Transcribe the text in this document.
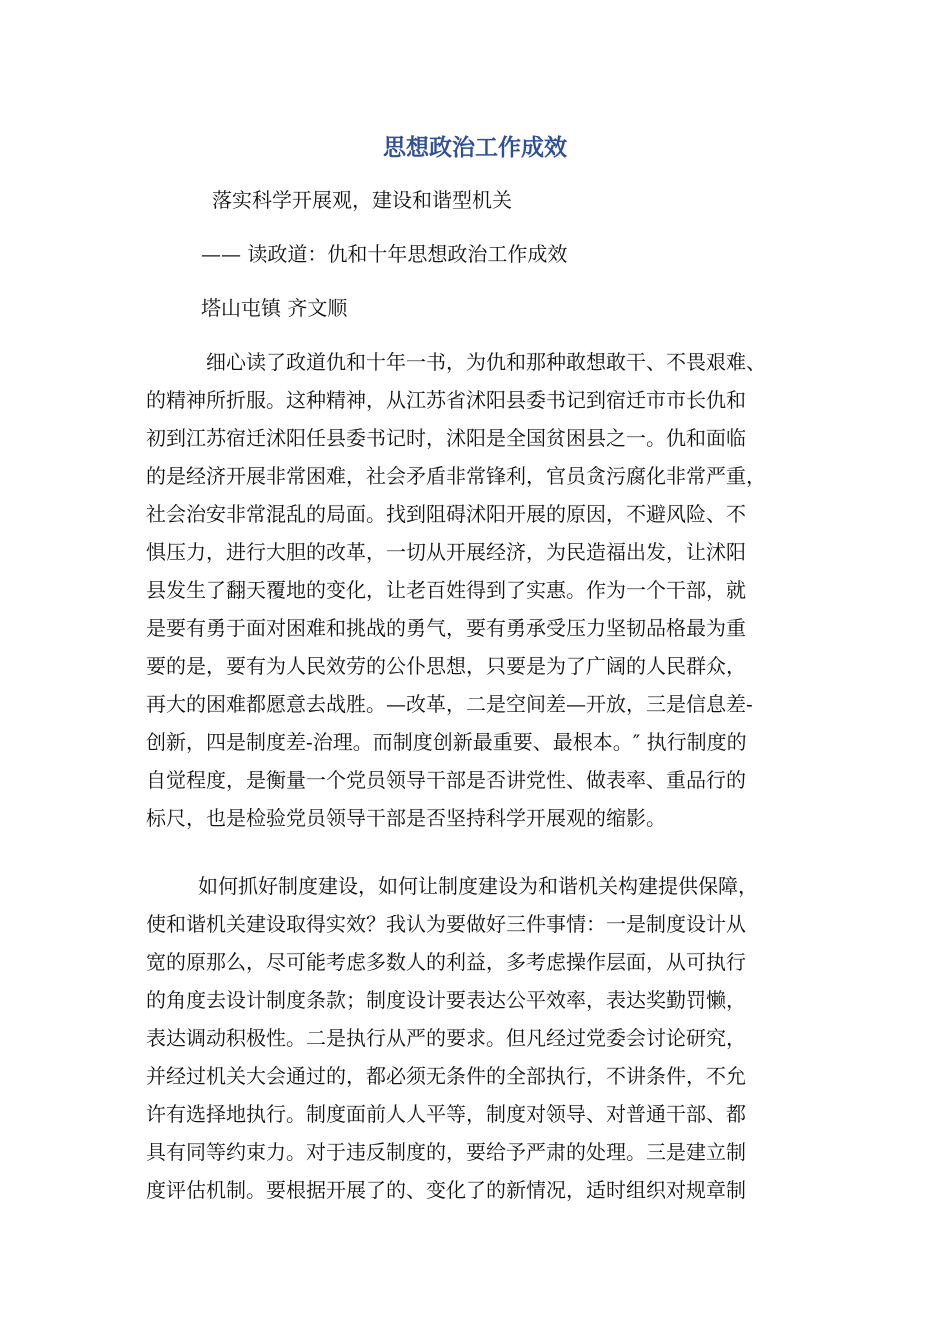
思想政治工作成效

落实科学开展观，建设和谐型机关

—— 读政道：仇和十年思想政治工作成效

塔山屯镇 齐文顺

细心读了政道仇和十年一书，为仇和那种敢想敢干、不畏艰难、

的精神所折服。这种精神，从江苏省沭阳县委书记到宿迁市市长仇和

初到江苏宿迁沭阳任县委书记时，沭阳是全国贫困县之一。仇和面临

的是经济开展非常困难，社会矛盾非常锋利，官员贪污腐化非常严重，

社会治安非常混乱的局面。找到阻碍沭阳开展的原因，不避风险、不

惧压力，进行大胆的改革，一切从开展经济，为民造福出发，让沭阳

县发生了翻天覆地的变化，让老百姓得到了实惠。作为一个干部，就

是要有勇于面对困难和挑战的勇气，要有勇承受压力坚韧品格最为重

要的是，要有为人民效劳的公仆思想，只要是为了广阔的人民群众，

再大的困难都愿意去战胜。—改革，二是空间差—开放，三是信息差-

创新，四是制度差-治理。而制度创新最重要、最根本。″ 执行制度的

自觉程度，是衡量一个党员领导干部是否讲党性、做表率、重品行的

标尺，也是检验党员领导干部是否坚持科学开展观的缩影。

如何抓好制度建设，如何让制度建设为和谐机关构建提供保障，

使和谐机关建设取得实效？我认为要做好三件事情：一是制度设计从

宽的原那么，尽可能考虑多数人的利益，多考虑操作层面，从可执行

的角度去设计制度条款；制度设计要表达公平效率，表达奖勤罚懒，

表达调动积极性。二是执行从严的要求。但凡经过党委会讨论研究，

并经过机关大会通过的，都必须无条件的全部执行，不讲条件，不允

许有选择地执行。制度面前人人平等，制度对领导、对普通干部、都

具有同等约束力。对于违反制度的，要给予严肃的处理。三是建立制

度评估机制。要根据开展了的、变化了的新情况，适时组织对规章制
